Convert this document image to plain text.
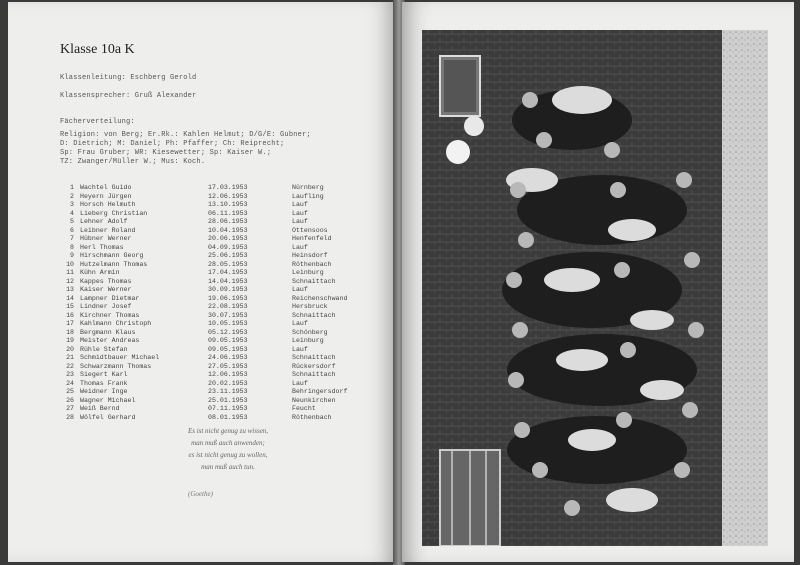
Klasse 10a K
Klassenleitung: Eschberg Gerold
Klassensprecher: Gruß Alexander
Fächerverteilung:
Religion: von Berg; Er.Rk.: Kahlen Helmut; D/G/E: Gubner;
D: Dietrich; M: Daniel; Ph: Pfaffer; Ch: Reiprecht;
Sp: Frau Gruber; WR: Kiesewetter; Sp: Kaiser W.;
TZ: Zwanger/Müller W.; Mus: Koch.
1 Wachtel Guido	17.03.1953	Nürnberg
2 Heyern Jürgen	12.06.1953	Laufling
3 Horsch Helmuth	13.10.1953	Lauf
4 Lieberg Christian	06.11.1953	Lauf
5 Lehner Adolf	28.06.1953	Lauf
6 Leibner Roland	10.04.1953	Ottensoos
7 Hübner Werner	20.06.1953	Henfenfeld
8 Herl Thomas	04.09.1953	Lauf
9 Hirschmann Georg	25.06.1953	Heinsdorf
10 Hutzelmann Thomas	28.05.1953	Röthenbach
11 Kühn Armin	17.04.1953	Leinburg
12 Kappes Thomas	14.04.1953	Schnaittach
13 Kaiser Werner	30.09.1953	Lauf
14 Lampner Dietmar	19.06.1953	Reichenschwand
15 Lindner Josef	22.08.1953	Hersbruck
16 Kirchner Thomas	30.07.1953	Schnaittach
17 Kahlmann Christoph	10.05.1953	Lauf
18 Bergmann Klaus	05.12.1953	Schönberg
19 Meister Andreas	09.05.1953	Leinburg
20 Rühle Stefan	09.05.1953	Lauf
21 Schmidtbauer Michael	24.06.1953	Schnaittach
22 Schwarzmann Thomas	27.05.1953	Rückersdorf
23 Siegert Karl	12.06.1953	Schnaittach
24 Thomas Frank	20.02.1953	Lauf
25 Weidner Inge	23.11.1953	Behringersdorf
26 Wagner Michael	25.01.1953	Neunkirchen
27 Weiß Bernd	07.11.1953	Feucht
28 Wölfel Gerhard	08.01.1953	Röthenbach
Es ist nicht genug zu wissen,
man muß auch anwenden;
es ist nicht genug zu wollen,
man muß auch tun.
(Goethe)
